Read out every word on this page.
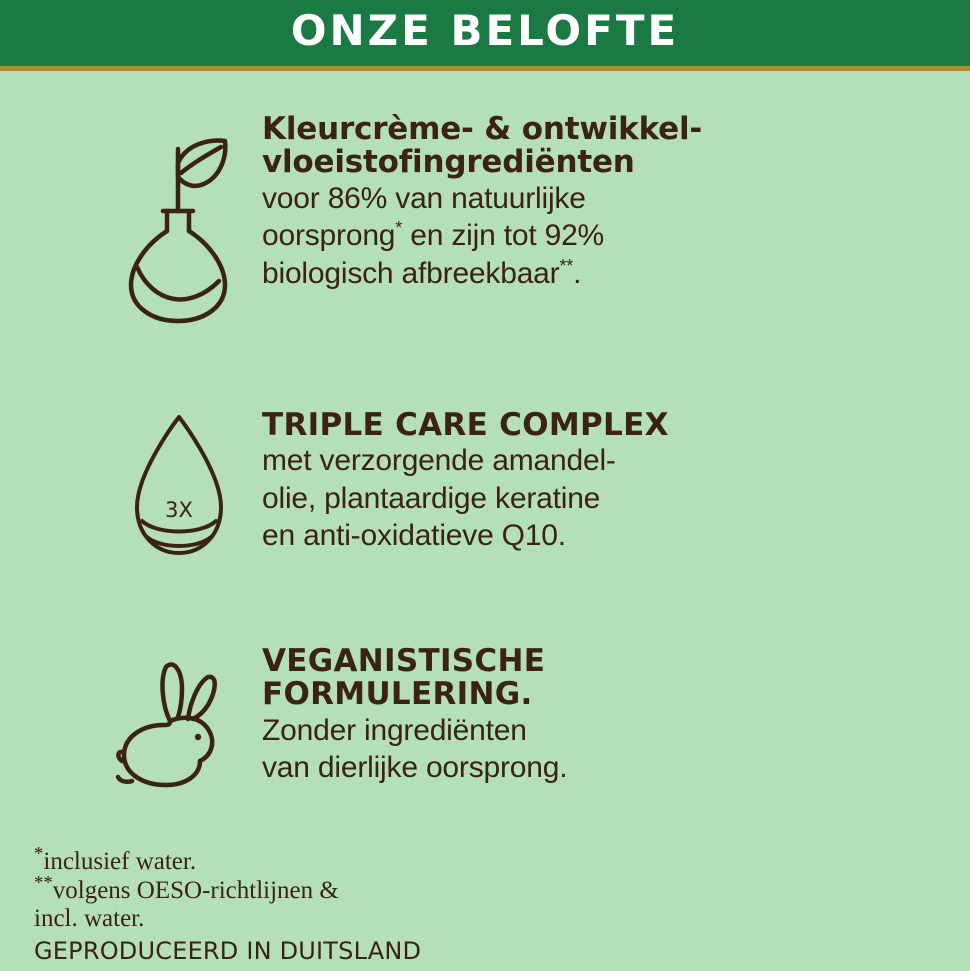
ONZE BELOFTE
Kleurcrème- & ontwikkel-
vloeistofingrediënten
voor 86% van natuurlijke
oorsprong* en zijn tot 92%
biologisch afbreekbaar**.
3X
TRIPLE CARE COMPLEX
met verzorgende amandel-
olie, plantaardige keratine
en anti-oxidatieve Q10.
VEGANISTISCHE
FORMULERING.
Zonder ingrediënten
van dierlijke oorsprong.

*inclusief water.

**volgens OESO-richtlijnen &

incl. water.

GEPRODUCEERD IN DUITSLAND
